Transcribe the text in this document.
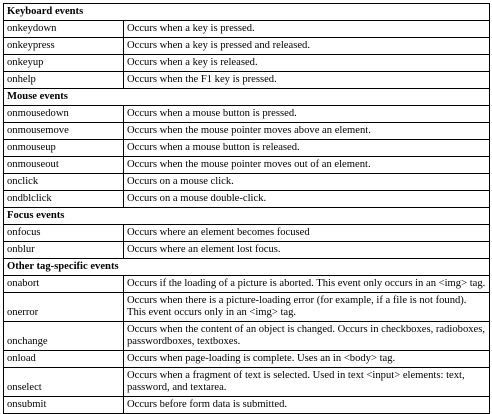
Keyboard events	
onkeydown	Occurs when a key is pressed.
onkeypress	Occurs when a key is pressed and released.
onkeyup	Occurs when a key is released.
onhelp	Occurs when the F1 key is pressed.
Mouse events	
onmousedown	Occurs when a mouse button is pressed.
onmousemove	Occurs when the mouse pointer moves above an element.
onmouseup	Occurs when a mouse button is released.
onmouseout	Occurs when the mouse pointer moves out of an element.
onclick	Occurs on a mouse click.
ondblclick	Occurs on a mouse double-click.
Focus events	
onfocus	Occurs where an element becomes focused
onblur	Occurs where an element lost focus.
Other tag-specific events	
onabort	Occurs if the loading of a picture is aborted. This event only occurs in an <img> tag.
onerror	Occurs when there is a picture-loading error (for example, if a file is not found). This event occurs only in an <img> tag.
onchange	Occurs when the content of an object is changed. Occurs in checkboxes, radioboxes, passwordboxes, textboxes.
onload	Occurs when page-loading is complete. Uses an in <body> tag.
onselect	Occurs when a fragment of text is selected. Used in text <input> elements: text, password, and textarea.
onsubmit	Occurs before form data is submitted.
